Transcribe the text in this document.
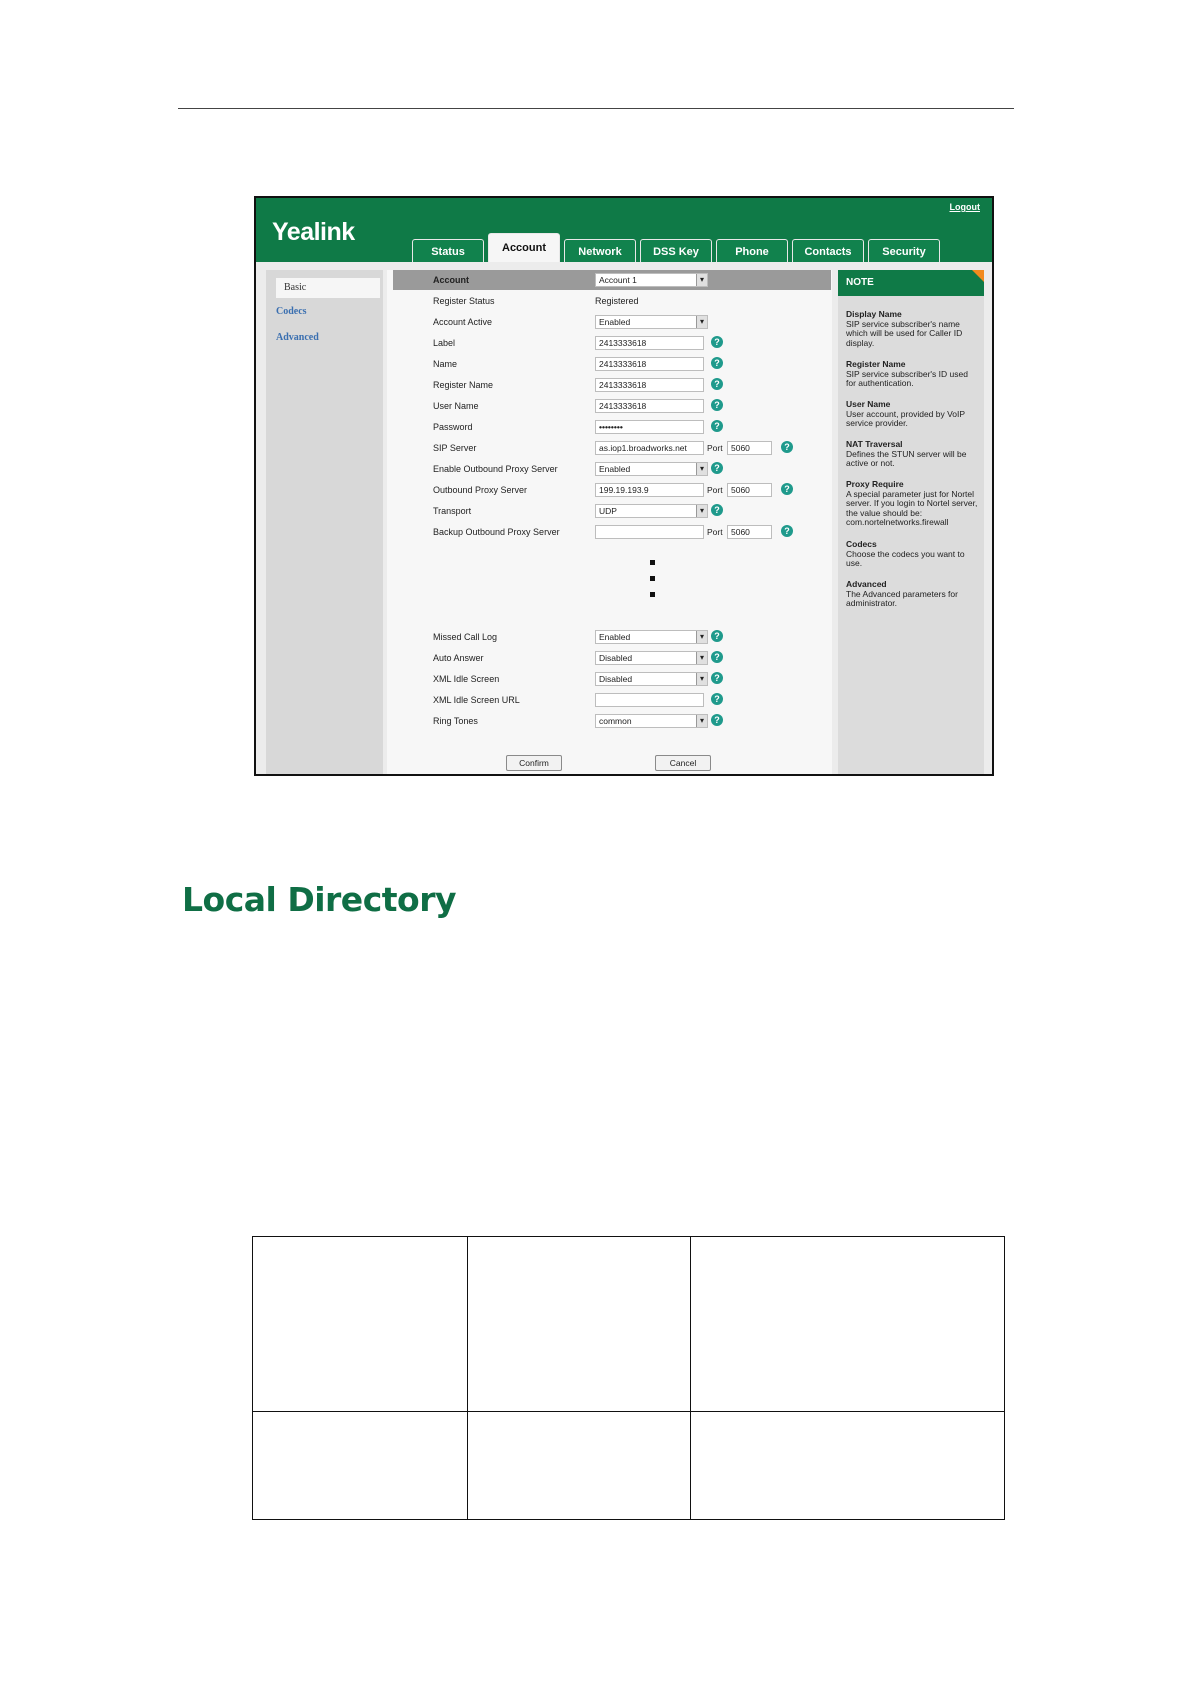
Yealink
Logout
Status	Account	Network	DSS Key	Phone	Contacts	Security
Basic
Codecs
Advanced
Account	Account 1 ▾
Register Status	Registered
Account Active	Enabled ▾
Label	2413333618	?
Name	2413333618	?
Register Name	2413333618	?
User Name	2413333618	?
Password	••••••••	?
SIP Server	as.iop1.broadworks.net	Port 5060	?
Enable Outbound Proxy Server	Enabled ▾	?
Outbound Proxy Server	199.19.193.9	Port 5060	?
Transport	UDP ▾	?
Backup Outbound Proxy Server	Port 5060	?
Missed Call Log	Enabled ▾	?
Auto Answer	Disabled ▾	?
XML Idle Screen	Disabled ▾	?
XML Idle Screen URL	?
Ring Tones	common ▾	?
Confirm	Cancel
NOTE
Display Name
SIP service subscriber's name which will be used for Caller ID display.
Register Name
SIP service subscriber's ID used for authentication.
User Name
User account, provided by VoIP service provider.
NAT Traversal
Defines the STUN server will be active or not.
Proxy Require
A special parameter just for Nortel server. If you login to Nortel server, the value should be: com.nortelnetworks.firewall
Codecs
Choose the codecs you want to use.
Advanced
The Advanced parameters for administrator.
Local Directory
